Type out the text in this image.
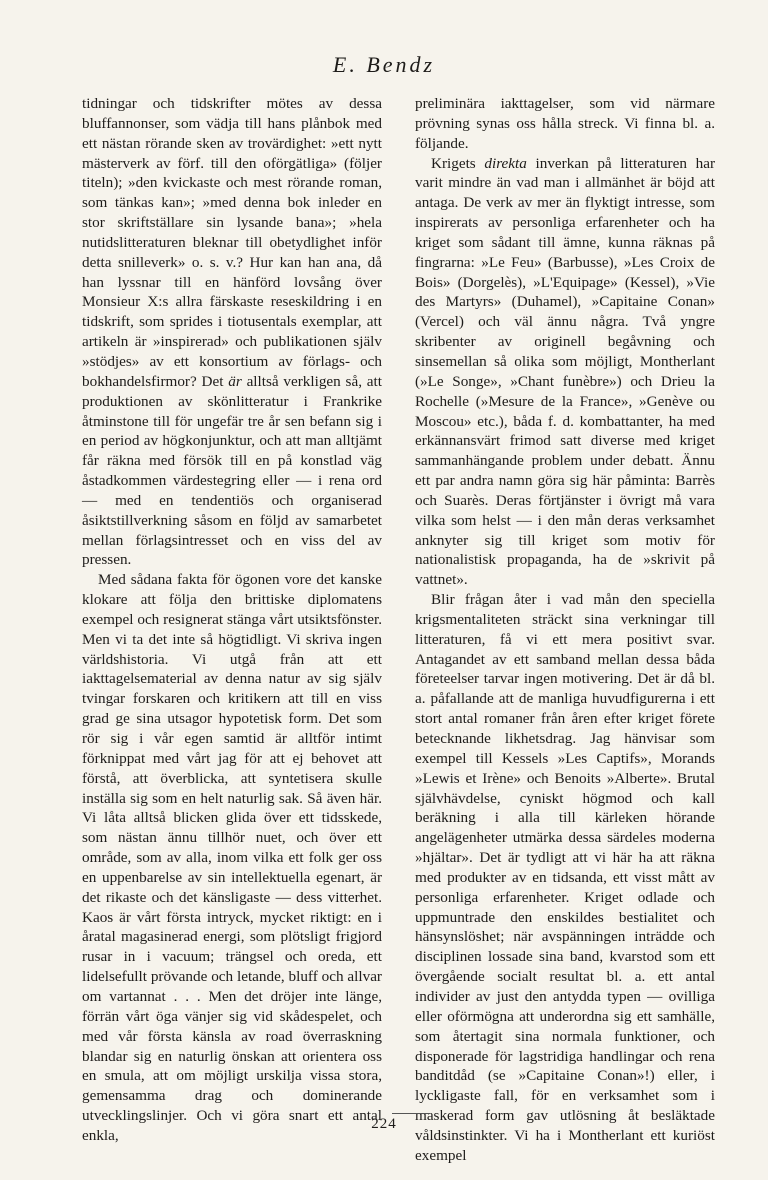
E. Bendz

tidningar och tidskrifter mötes av dessa bluffannonser, som vädja till hans plånbok med ett nästan rörande sken av trovärdighet: »ett nytt mästerverk av förf. till den oförgätliga» (följer titeln); »den kvickaste och mest rörande roman, som tänkas kan»; »med denna bok inleder en stor skriftställare sin lysande bana»; »hela nutidslitteraturen bleknar till obetydlighet inför detta snilleverk» o. s. v.? Hur kan han ana, då han lyssnar till en hänförd lovsång över Monsieur X:s allra färskaste reseskildring i en tidskrift, som sprides i tiotusentals exemplar, att artikeln är »inspirerad» och publikationen själv »stödjes» av ett konsortium av förlags- och bokhandelsfirmor? Det är alltså verkligen så, att produktionen av skönlitteratur i Frankrike åtminstone till för ungefär tre år sen befann sig i en period av högkonjunktur, och att man alltjämt får räkna med försök till en på konstlad väg åstadkommen värdestegring eller — i rena ord — med en tendentiös och organiserad åsiktstillverkning såsom en följd av samarbetet mellan förlagsintresset och en viss del av pressen.

Med sådana fakta för ögonen vore det kanske klokare att följa den brittiske diplomatens exempel och resignerat stänga vårt utsiktsfönster. Men vi ta det inte så högtidligt. Vi skriva ingen världshistoria. Vi utgå från att ett iakttagelsematerial av denna natur av sig själv tvingar forskaren och kritikern att till en viss grad ge sina utsagor hypotetisk form. Det som rör sig i vår egen samtid är alltför intimt förknippat med vårt jag för att ej behovet att förstå, att överblicka, att syntetisera skulle inställa sig som en helt naturlig sak. Så även här. Vi låta alltså blicken glida över ett tidsskede, som nästan ännu tillhör nuet, och över ett område, som av alla, inom vilka ett folk ger oss en uppenbarelse av sin intellektuella egenart, är det rikaste och det känsligaste — dess vitterhet. Kaos är vårt första intryck, mycket riktigt: en i åratal magasinerad energi, som plötsligt frigjord rusar in i vacuum; trängsel och oreda, ett lidelsefullt prövande och letande, bluff och allvar om vartannat . . . Men det dröjer inte länge, förrän vårt öga vänjer sig vid skådespelet, och med vår första känsla av road överraskning blandar sig en naturlig önskan att orientera oss en smula, att om möjligt urskilja vissa stora, gemensamma drag och dominerande utvecklingslinjer. Och vi göra snart ett antal enkla,

preliminära iakttagelser, som vid närmare prövning synas oss hålla streck. Vi finna bl. a. följande.

Krigets direkta inverkan på litteraturen har varit mindre än vad man i allmänhet är böjd att antaga. De verk av mer än flyktigt intresse, som inspirerats av personliga erfarenheter och ha kriget som sådant till ämne, kunna räknas på fingrarna: »Le Feu» (Barbusse), »Les Croix de Bois» (Dorgelès), »L'Equipage» (Kessel), »Vie des Martyrs» (Duhamel), »Capitaine Conan» (Vercel) och väl ännu några. Två yngre skribenter av originell begåvning och sinsemellan så olika som möjligt, Montherlant (»Le Songe», »Chant funèbre») och Drieu la Rochelle (»Mesure de la France», »Genève ou Moscou» etc.), båda f. d. kombattanter, ha med erkännansvärt frimod satt diverse med kriget sammanhängande problem under debatt. Ännu ett par andra namn göra sig här påminta: Barrès och Suarès. Deras förtjänster i övrigt må vara vilka som helst — i den mån deras verksamhet anknyter sig till kriget som motiv för nationalistisk propaganda, ha de »skrivit på vattnet».

Blir frågan åter i vad mån den speciella krigsmentaliteten sträckt sina verkningar till litteraturen, få vi ett mera positivt svar. Antagandet av ett samband mellan dessa båda företeelser tarvar ingen motivering. Det är då bl. a. påfallande att de manliga huvudfigurerna i ett stort antal romaner från åren efter kriget förete betecknande likhetsdrag. Jag hänvisar som exempel till Kessels »Les Captifs», Morands »Lewis et Irène» och Benoits »Alberte». Brutal självhävdelse, cyniskt högmod och kall beräkning i alla till kärleken hörande angelägenheter utmärka dessa särdeles moderna »hjältar». Det är tydligt att vi här ha att räkna med produkter av en tidsanda, ett visst mått av personliga erfarenheter. Kriget odlade och uppmuntrade den enskildes bestialitet och hänsynslöshet; när avspänningen inträdde och disciplinen lossade sina band, kvarstod som ett övergående socialt resultat bl. a. ett antal individer av just den antydda typen — ovilliga eller oförmögna att underordna sig ett samhälle, som återtagit sina normala funktioner, och disponerade för lagstridiga handlingar och rena banditdåd (se »Capitaine Conan»!) eller, i lyckligaste fall, för en verksamhet som i maskerad form gav utlösning åt besläktade våldsinstinkter. Vi ha i Montherlant ett kuriöst exempel

224
